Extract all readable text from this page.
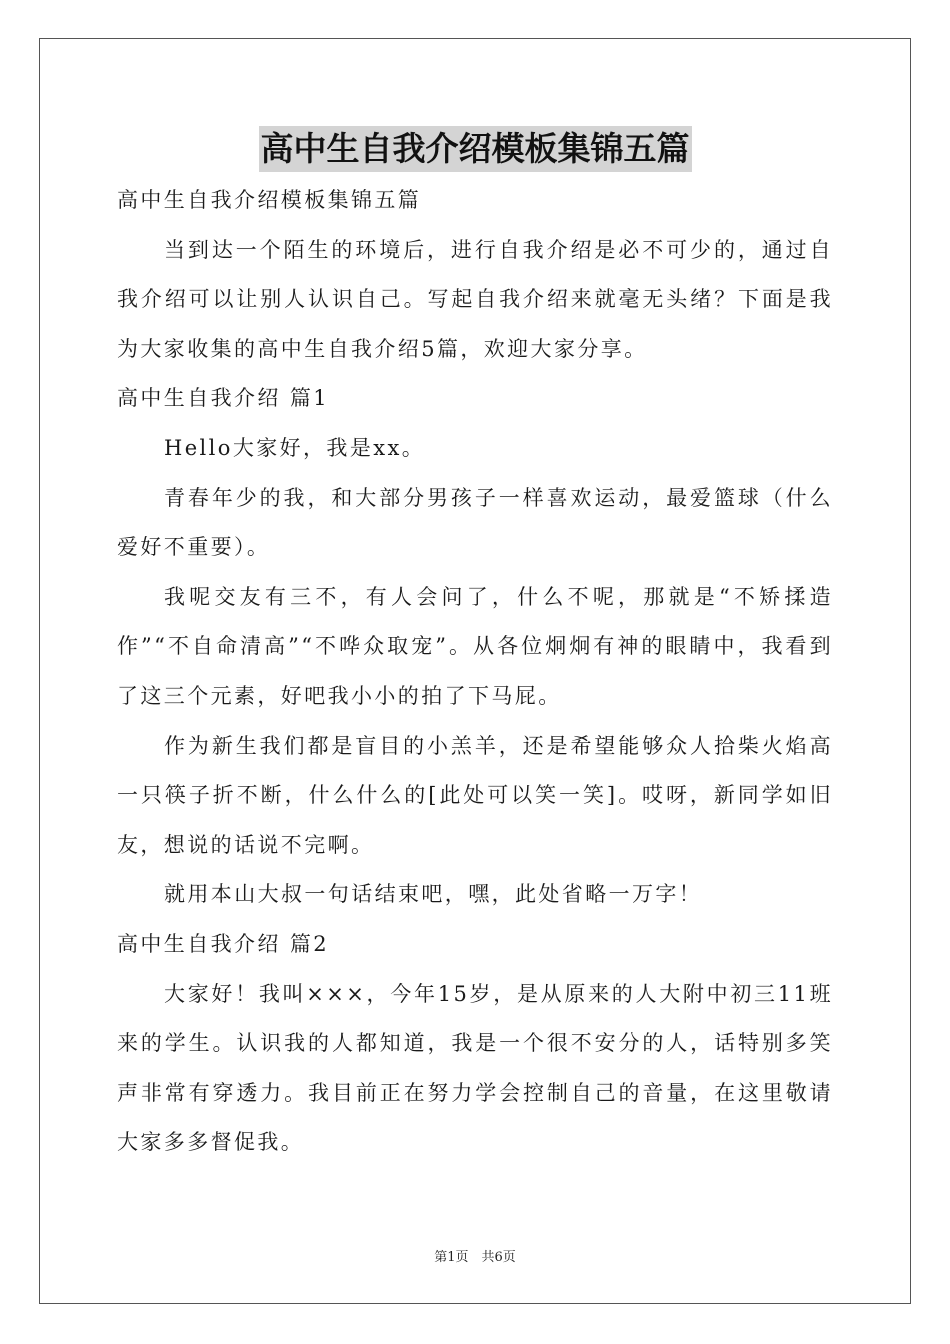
高中生自我介绍模板集锦五篇
高中生自我介绍模板集锦五篇

当到达一个陌生的环境后，进行自我介绍是必不可少的，通过自我介绍可以让别人认识自己。写起自我介绍来就毫无头绪？下面是我为大家收集的高中生自我介绍5篇，欢迎大家分享。

高中生自我介绍 篇1

Hello大家好，我是xx。

青春年少的我，和大部分男孩子一样喜欢运动，最爱篮球（什么爱好不重要）。

我呢交友有三不，有人会问了，什么不呢，那就是“不矫揉造作”“不自命清高”“不哗众取宠”。从各位炯炯有神的眼睛中，我看到了这三个元素，好吧我小小的拍了下马屁。

作为新生我们都是盲目的小羔羊，还是希望能够众人拾柴火焰高一只筷子折不断，什么什么的[此处可以笑一笑]。哎呀，新同学如旧友，想说的话说不完啊。

就用本山大叔一句话结束吧，嘿，此处省略一万字！

高中生自我介绍 篇2

大家好！我叫×××，今年15岁，是从原来的人大附中初三11班来的学生。认识我的人都知道，我是一个很不安分的人，话特别多笑声非常有穿透力。我目前正在努力学会控制自己的音量，在这里敬请大家多多督促我。

第1页　共6页
